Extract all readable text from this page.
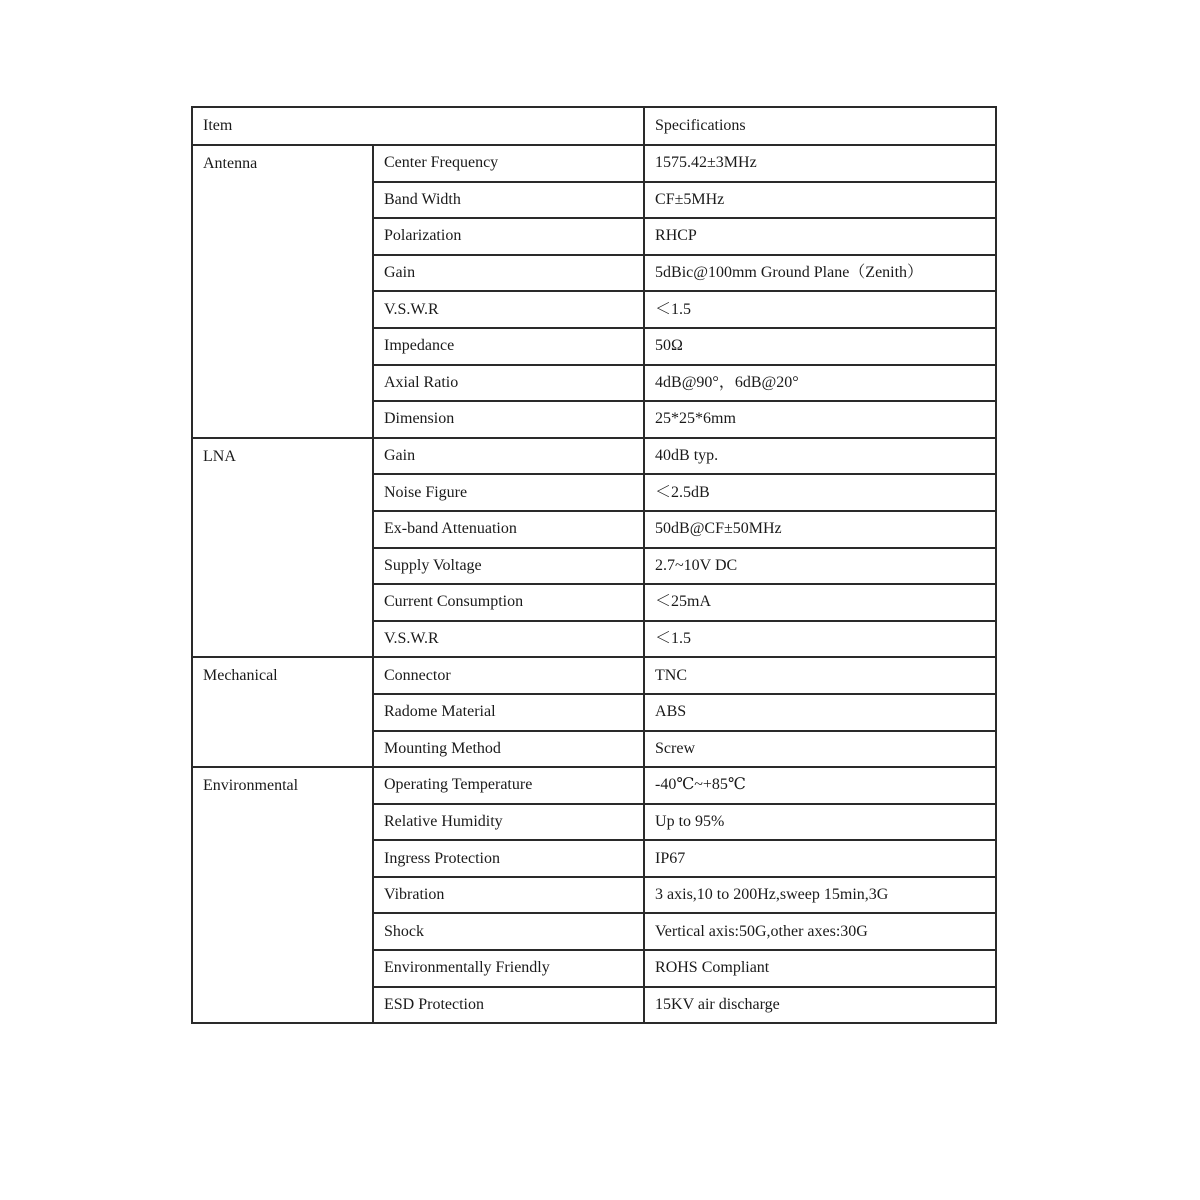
Item		Specifications
Antenna	Center Frequency	1575.42±3MHz
	Band Width	CF±5MHz
	Polarization	RHCP
	Gain	5dBic@100mm Ground Plane（Zenith）
	V.S.W.R	＜1.5
	Impedance	50Ω
	Axial Ratio	4dB@90°，6dB@20°
	Dimension	25*25*6mm
LNA	Gain	40dB typ.
	Noise Figure	＜2.5dB
	Ex-band Attenuation	50dB@CF±50MHz
	Supply Voltage	2.7~10V DC
	Current Consumption	＜25mA
	V.S.W.R	＜1.5
Mechanical	Connector	TNC
	Radome Material	ABS
	Mounting Method	Screw
Environmental	Operating Temperature	-40℃~+85℃
	Relative Humidity	Up to 95%
	Ingress Protection	IP67
	Vibration	3 axis,10 to 200Hz,sweep 15min,3G
	Shock	Vertical axis:50G,other axes:30G
	Environmentally Friendly	ROHS Compliant
	ESD Protection	15KV air discharge
